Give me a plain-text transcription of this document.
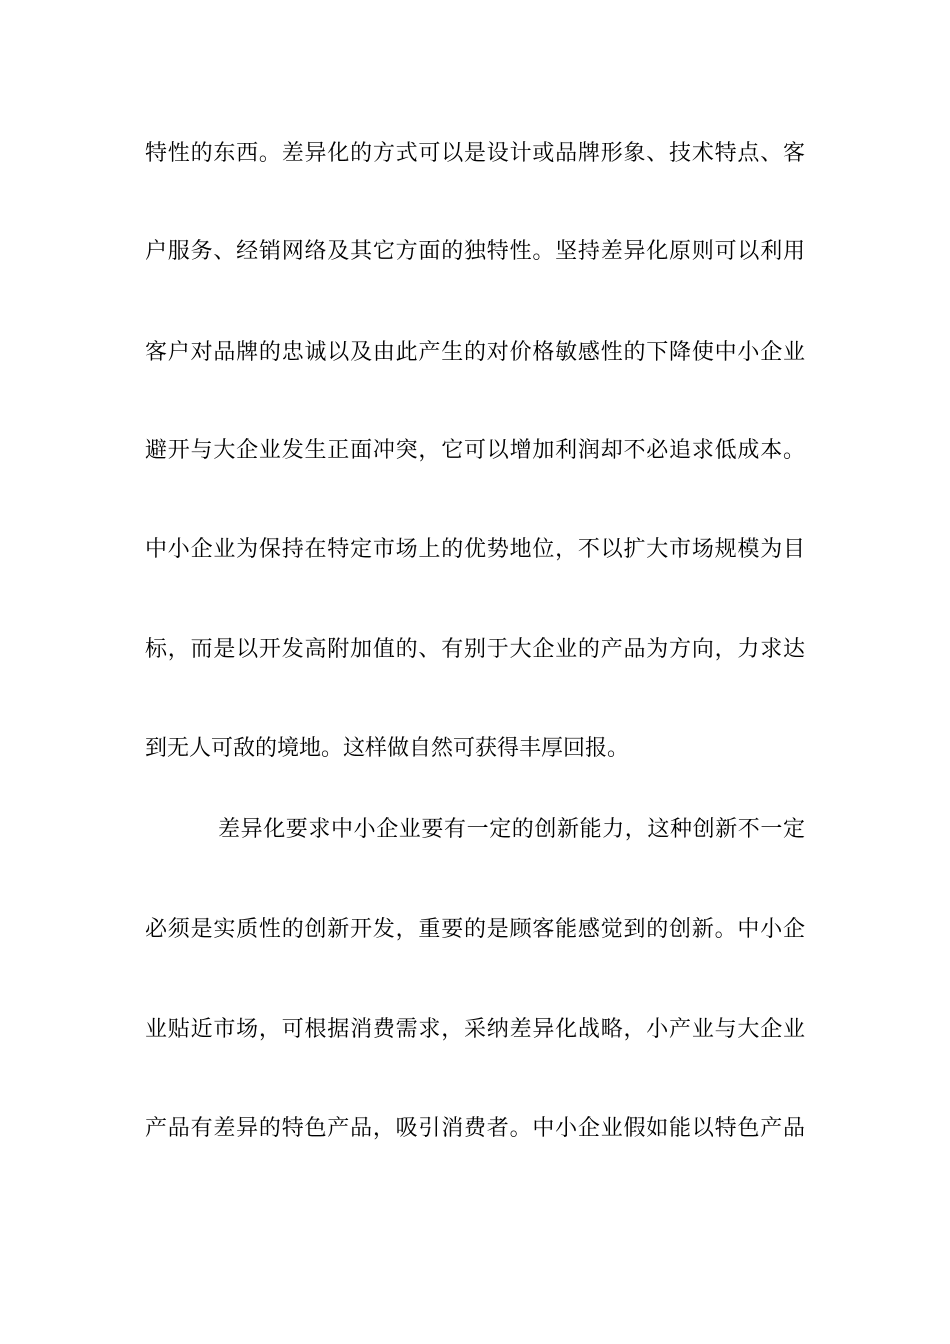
特性的东西。差异化的方式可以是设计或品牌形象、技术特点、客
户服务、经销网络及其它方面的独特性。坚持差异化原则可以利用
客户对品牌的忠诚以及由此产生的对价格敏感性的下降使中小企业
避开与大企业发生正面冲突，它可以增加利润却不必追求低成本。
中小企业为保持在特定市场上的优势地位，不以扩大市场规模为目
标，而是以开发高附加值的、有别于大企业的产品为方向，力求达
到无人可敌的境地。这样做自然可获得丰厚回报。
差异化要求中小企业要有一定的创新能力，这种创新不一定
必须是实质性的创新开发，重要的是顾客能感觉到的创新。中小企
业贴近市场，可根据消费需求，采纳差异化战略，小产业与大企业
产品有差异的特色产品，吸引消费者。中小企业假如能以特色产品
